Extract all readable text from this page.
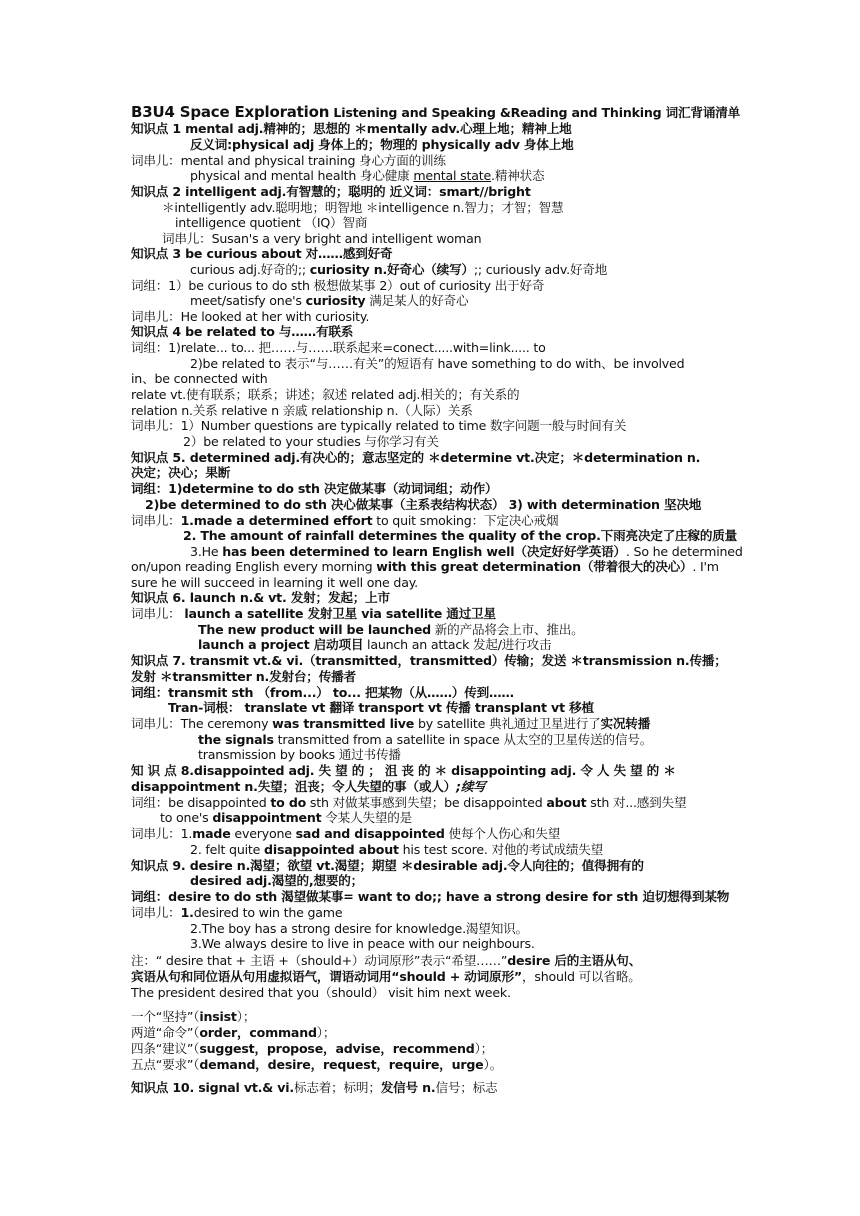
B3U4 Space Exploration Listening and Speaking &Reading and Thinking 词汇背诵清单
知识点 1 mental adj.精神的；思想的 ＊mentally adv.心理上地；精神上地
反义词:physical adj 身体上的；物理的 physically adv 身体上地
词串儿：mental and physical training 身心方面的训练
physical and mental health 身心健康 mental state.精神状态
知识点 2 intelligent adj.有智慧的；聪明的 近义词：smart//bright
＊intelligently adv.聪明地；明智地 ＊intelligence n.智力；才智；智慧
intelligence quotient （IQ）智商
词串儿：Susan's a very bright and intelligent woman
知识点 3 be curious about 对……感到好奇
curious adj.好奇的;; curiosity n.好奇心（续写）;; curiously adv.好奇地
词组：1）be curious to do sth 极想做某事 2）out of curiosity 出于好奇
meet/satisfy one's curiosity 满足某人的好奇心
词串儿：He looked at her with curiosity.
知识点 4 be related to 与……有联系
词组：1)relate... to... 把……与……联系起来=conect.....with=link..... to
2)be related to 表示“与……有关”的短语有 have something to do with、be involved
in、be connected with
relate vt.使有联系；联系；讲述；叙述 related adj.相关的；有关系的
relation n.关系 relative n 亲戚 relationship n.（人际）关系
词串儿：1）Number questions are typically related to time 数字问题一般与时间有关
2）be related to your studies 与你学习有关
知识点 5. determined adj.有决心的；意志坚定的 ＊determine vt.决定；＊determination n.
决定；决心；果断
词组：1)determine to do sth 决定做某事（动词词组；动作）
2)be determined to do sth 决心做某事（主系表结构状态） 3) with determination 坚决地
词串儿：1.made a determined effort to quit smoking：下定决心戒烟
2. The amount of rainfall determines the quality of the crop.下雨亮决定了庄稼的质量
3.He has been determined to learn English well（决定好好学英语）. So he determined
on/upon reading English every morning with this great determination（带着很大的决心）. I'm
sure he will succeed in learning it well one day.
知识点 6. launch n.& vt. 发射；发起；上市
词串儿： launch a satellite 发射卫星 via satellite 通过卫星
The new product will be launched 新的产品将会上市、推出。
launch a project 启动项目 launch an attack 发起/进行攻击
知识点 7. transmit vt.& vi.（transmitted，transmitted）传输；发送 ＊transmission n.传播；
发射 ＊transmitter n.发射台；传播者
词组：transmit sth （from...） to... 把某物（从……）传到……
Tran-词根： translate vt 翻译 transport vt 传播 transplant vt 移植
词串儿：The ceremony was transmitted live by satellite 典礼通过卫星进行了实况转播
the signals transmitted from a satellite in space 从太空的卫星传送的信号。
transmission by books 通过书传播
知 识 点 8.disappointed adj. 失 望 的 ； 沮 丧 的 ＊ disappointing adj. 令 人 失 望 的 ＊
disappointment n.失望；沮丧；令人失望的事（或人）;续写
词组：be disappointed to do sth 对做某事感到失望；be disappointed about sth 对...感到失望
to one's disappointment 令某人失望的是
词串儿：1.made everyone sad and disappointed 使每个人伤心和失望
2. felt quite disappointed about his test score. 对他的考试成绩失望
知识点 9. desire n.渴望；欲望 vt.渴望；期望 ＊desirable adj.令人向往的；值得拥有的
desired adj.渴望的,想要的；
词组：desire to do sth 渴望做某事= want to do;; have a strong desire for sth 迫切想得到某物
词串儿：1.desired to win the game
2.The boy has a strong desire for knowledge.渴望知识。
3.We always desire to live in peace with our neighbours.
注：“ desire that + 主语 +（should+）动词原形”表示“希望……”desire 后的主语从句、
宾语从句和同位语从句用虚拟语气，谓语动词用“should + 动词原形”，should 可以省略。
The president desired that you（should） visit him next week.
一个“坚持”（insist）；
两道“命令”（order，command）；
四条“建议”（suggest，propose，advise，recommend）；
五点“要求”（demand，desire，request，require，urge）。
知识点 10. signal vt.& vi.标志着；标明；发信号 n.信号；标志
